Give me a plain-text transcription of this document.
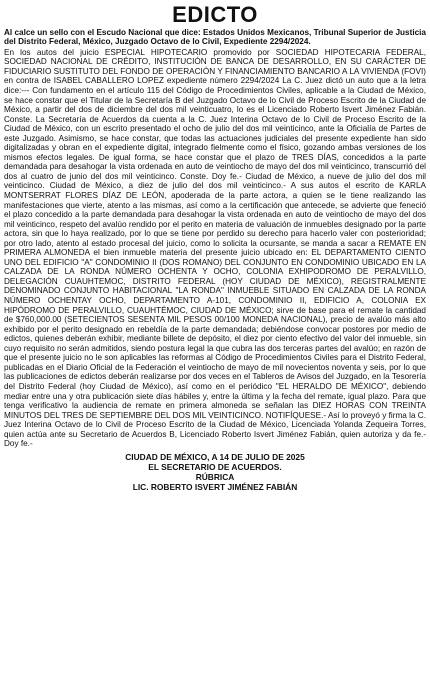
EDICTO

Al calce un sello con el Escudo Nacional que dice: Estados Unidos Mexicanos, Tribunal Superior de Justicia del Distrito Federal, México, Juzgado Octavo de lo Civil, Expediente 2294/2024.

En los autos del juicio ESPECIAL HIPOTECARIO promovido por SOCIEDAD HIPOTECARIA FEDERAL, SOCIEDAD NACIONAL DE CRÉDITO, INSTITUCIÓN DE BANCA DE DESARROLLO, EN SU CARÁCTER DE FIDUCIARIO SUSTITUTO DEL FONDO DE OPERACIÓN Y FINANCIAMIENTO BANCARIO A LA VIVIENDA (FOVI) en contra de ISABEL CABALLERO LOPEZ expediente número 2294/2024 La C. Juez dictó un auto que a la letra dice:--- Con fundamento en el artículo 115 del Código de Procedimientos Civiles, aplicable a la Ciudad de México, se hace constar que el Titular de la Secretaría B del Juzgado Octavo de lo Civil de Proceso Escrito de la Ciudad de México, a partir del dos de diciembre del dos mil veinticuatro, lo es el Licenciado Roberto Isvert Jiménez Fabián. Conste. La Secretaría de Acuerdos da cuenta a la C. Juez Interina Octavo de lo Civil de Proceso Escrito de la Ciudad de México, con un escrito presentado el ocho de julio del dos mil veinticinco, ante la Oficialía de Partes de este Juzgado. Asimismo, se hace constar, que todas las actuaciones judiciales del presente expediente han sido digitalizadas y obran en el expediente digital, integrado fielmente como el físico, gozando ambas versiones de los mismos efectos legales. De igual forma, se hace constar que el plazo de TRES DÍAS, concedidos a la parte demandada para desahogar la vista ordenada en auto de veintiocho de mayo del dos mil veinticinco, transcurrió del dos al cuatro de junio del dos mil veinticinco. Conste. Doy fe.- Ciudad de México, a nueve de julio del dos mil veinticinco. Ciudad de México, a diez de julio del dos mil veinticinco.- A sus autos el escrito de KARLA MONTSERRAT FLORES DÍAZ DE LEÓN, apoderada de la parte actora, a quien se le tiene realizando las manifestaciones que vierte, atento a las mismas, así como a la certificación que antecede, se advierte que feneció el plazo concedido a la parte demandada para desahogar la vista ordenada en auto de veintiocho de mayo del dos mil veinticinco, respeto del avalúo rendido por el perito en materia de valuación de inmuebles designado por la parte actora, sin que lo haya realizado, por lo que se tiene por perdido su derecho para hacerlo valer con posterioridad; por otro lado, atento al estado procesal del juicio, como lo solicita la ocursante, se manda a sacar a REMATE EN PRIMERA ALMONEDA el bien inmueble materia del presente juicio ubicado en: EL DEPARTAMENTO CIENTO UNO DEL EDIFICIO "A" CONDOMINIO II (DOS ROMANO) DEL CONJUNTO EN CONDOMINIO UBICADO EN LA CALZADA DE LA RONDA NÚMERO OCHENTA Y OCHO, COLONIA EXHIPODROMO DE PERALVILLO, DELEGACIÓN CUAUHTEMOC, DISTRITO FEDERAL (HOY CIUDAD DE MÉXICO), REGISTRALMENTE DENOMINADO CONJUNTO HABITACIONAL "LA RONDA" INMUEBLE SITUADO EN CALZADA DE LA RONDA NÚMERO OCHENTAY OCHO, DEPARTAMENTO A-101, CONDOMINIO II, EDIFICIO A, COLONIA EX HIPÓDROMO DE PERALVILLO, CUAUHTÉMOC, CIUDAD DE MÉXICO; sirve de base para el remate la cantidad de $760,000.00 (SETECIENTOS SESENTA MIL PESOS 00/100 MONEDA NACIONAL), precio de avalúo más alto exhibido por el perito designado en rebeldía de la parte demandada; debiéndose convocar postores por medio de edictos, quienes deberán exhibir, mediante billete de depósito, el diez por ciento efectivo del valor del inmueble, sin cuyo requisito no serán admitidos, siendo postura legal la que cubra las dos terceras partes del avalúo; en razón de que el presente juicio no le son aplicables las reformas al Código de Procedimientos Civiles para el Distrito Federal, publicadas en el Diario Oficial de la Federación el veintiocho de mayo de mil novecientos noventa y seis, por lo que las publicaciones de edictos deberán realizarse por dos veces en el Tableros de Avisos del Juzgado, en la Tesorería del Distrito Federal (hoy Ciudad de México), así como en el periódico "EL HERALDO DE MÉXICO", debiendo mediar entre una y otra publicación siete días hábiles y, entre la última y la fecha del remate, igual plazo. Para que tenga verificativo la audiencia de remate en primera almoneda se señalan las DIEZ HORAS CON TREINTA MINUTOS DEL TRES DE SEPTIEMBRE DEL DOS MIL VEINTICINCO. NOTIFÍQUESE.- Así lo proveyó y firma la C. Juez Interina Octavo de lo Civil de Proceso Escrito de la Ciudad de México, Licenciada Yolanda Zequeira Torres, quien actúa ante su Secretario de Acuerdos B, Licenciado Roberto Isvert Jiménez Fabián, quien autoriza y da fe.- Doy fe.-

CIUDAD DE MÉXICO, A 14 DE JULIO DE 2025
EL SECRETARIO DE ACUERDOS.
RÚBRICA
LIC. ROBERTO ISVERT JIMÉNEZ FABIÁN
